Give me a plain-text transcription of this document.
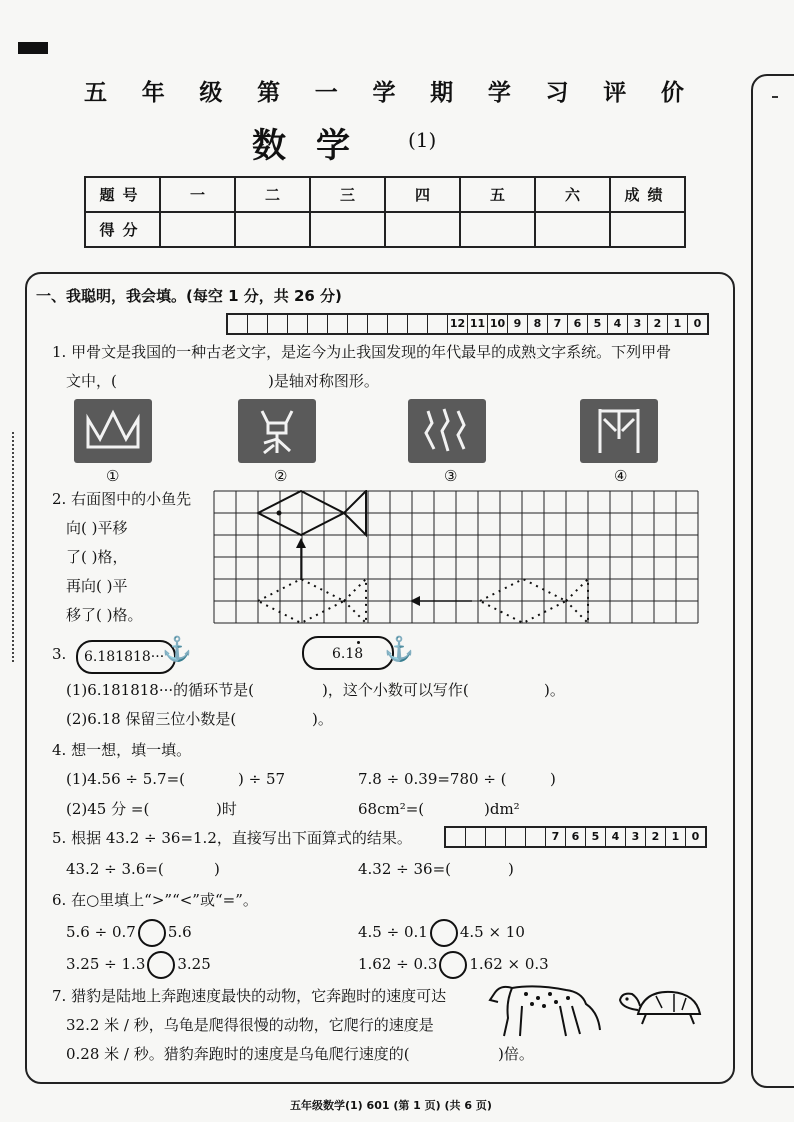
五 年 级 第 一 学 期 学 习 评 价
数学 (1)
题号	一	二	三	四	五	六	成绩
得分							
一、我聪明，我会填。(每空 1 分，共 26 分)
12 11 10 9	8	7	6	5	4	3	2	1	0
1. 甲骨文是我国的一种古老文字，是迄今为止我国发现的年代最早的成熟文字系统。下列甲骨
文中，(	)是轴对称图形。
①	②	③	④
2. 右面图中的小鱼先
向( )平移
了( )格，
再向( )平
移了( )格。
3. 6.181818···
⚓	6.18 ⚓
(1)6.181818···的循环节是(	)，这个小数可以写作(	)。
(2)6.18 保留三位小数是(	)。
4. 想一想，填一填。
(1)4.56 ÷ 5.7=(	) ÷ 57	7.8 ÷ 0.39=780 ÷ (	)
(2)45 分 =(	)时	68cm²=(	)dm²
5. 根据 43.2 ÷ 36=1.2，直接写出下面算式的结果。	7	6	5	4	3	2	1	0
43.2 ÷ 3.6=(	)	4.32 ÷ 36=(	)
6. 在○里填上“>”“<”或“=”。
5.6 ÷ 0.7 5.6	4.5 ÷ 0.1 4.5 × 10
3.25 ÷ 1.3 3.25	1.62 ÷ 0.3 1.62 × 0.3
7. 猎豹是陆地上奔跑速度最快的动物，它奔跑时的速度可达
32.2 米 / 秒，乌龟是爬得很慢的动物，它爬行的速度是
0.28 米 / 秒。猎豹奔跑时的速度是乌龟爬行速度的(	)倍。
五年级数学(1) 601 (第 1 页) (共 6 页)
